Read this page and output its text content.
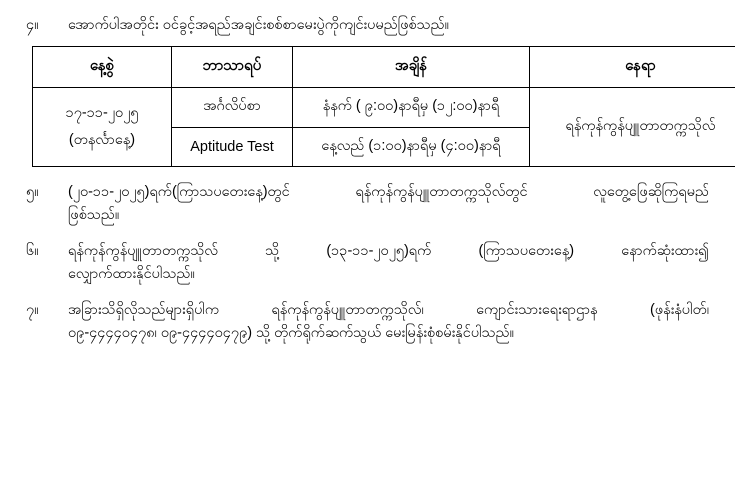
၄။	အောက်ပါအတိုင်း ဝင်ခွင့်အရည်အချင်းစစ်စာမေးပွဲကိုကျင်းပမည်ဖြစ်သည်။
နေ့စွဲ	ဘာသာရပ်	အချိန်	နေရာ
၁၇-၁၁-၂၀၂၅
(တနင်္လာနေ့)	အင်္ဂလိပ်စာ	နံနက် ( ၉:၀၀)နာရီမှ (၁၂:၀၀)နာရီ	ရန်ကုန်ကွန်ပျူတာတက္ကသိုလ်
	Aptitude Test	နေ့လည် (၁:၀၀)နာရီမှ (၄:၀၀)နာရီ	
၅။	(၂၀-၁၁-၂၀၂၅)ရက်(ကြာသပတေးနေ့)တွင်	ရန်ကုန်ကွန်ပျူတာတက္ကသိုလ်တွင်	လူတွေ့ဖြေဆိုကြရမည်
ဖြစ်သည်။
၆။	ရန်ကုန်ကွန်ပျူတာတက္ကသိုလ်	သို့	(၁၃-၁၁-၂၀၂၅)ရက်	(ကြာသပတေးနေ့)	နောက်ဆုံးထား၍
လျှောက်ထားနိုင်ပါသည်။
၇။	အခြားသိရှိလိုသည်များရှိပါက	ရန်ကုန်ကွန်ပျူတာတက္ကသိုလ်၊	ကျောင်းသားရေးရာဌာန	(ဖုန်းနံပါတ်၊
၀၉-၄၄၄၄၀၄၇၈၊ ၀၉-၄၄၄၄၀၄၇၉) သို့ တိုက်ရိုက်ဆက်သွယ် မေးမြန်းစုံစမ်းနိုင်ပါသည်။
